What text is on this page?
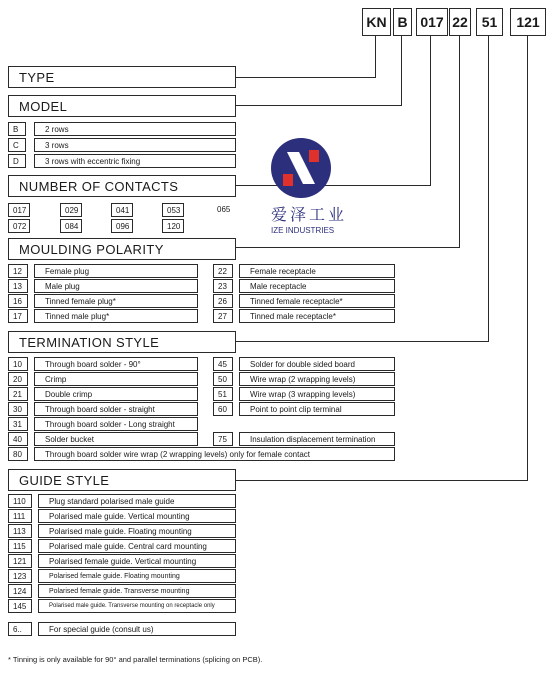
KN B 017 22 51	121
TYPE
MODEL
B	2 rows
C	3 rows
D	3 rows with eccentric fixing
NUMBER OF CONTACTS
017	029	041	053	065
072	084	096	120
爱泽工业
IZE INDUSTRIES
MOULDING POLARITY
12	Female plug
13	Male plug
16	Tinned female plug*
17	Tinned male plug*
22	Female receptacle
23	Male receptacle
26	Tinned female receptacle*
27	Tinned male receptacle*
TERMINATION STYLE
10	Through board solder - 90°
20	Crimp
21	Double crimp
30	Through board solder - straight
31	Through board solder - Long straight
40	Solder bucket
45	Solder for double sided board
50	Wire wrap (2 wrapping levels)
51	Wire wrap (3 wrapping levels)
60	Point to point clip terminal
75	Insulation displacement termination
80	Through board solder wire wrap (2 wrapping levels) only for female contact
GUIDE STYLE
110	Plug standard polarised male guide
111	Polarised male guide. Vertical mounting
113	Polarised male guide. Floating mounting
115	Polarised male guide. Central card mounting
121	Polarised female guide. Vertical mounting
123	Polarised female guide. Floating mounting
124	Polarised female guide. Transverse mounting
145	Polarised male guide. Transverse mounting on receptacle only
6..	For special guide (consult us)
* Tinning is only available for 90° and parallel terminations (splicing on PCB).
